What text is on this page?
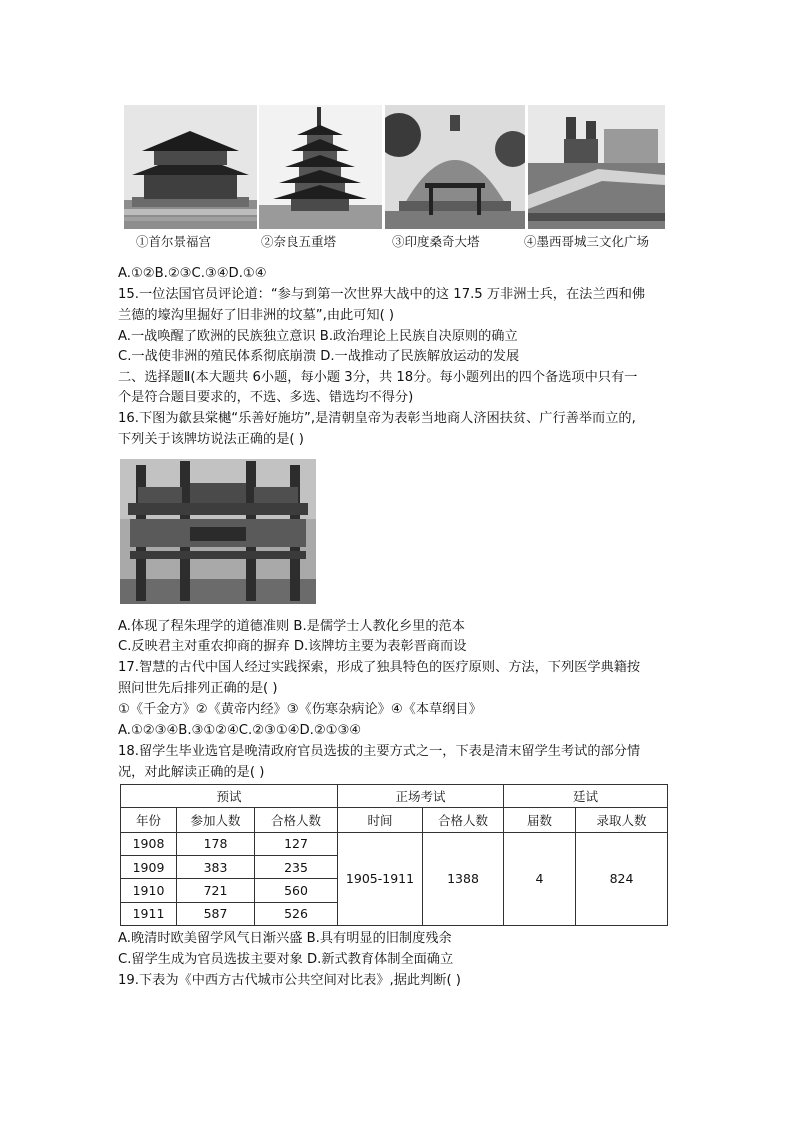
①首尔景福宫	②奈良五重塔	③印度桑奇大塔	④墨西哥城三文化广场
A.①②B.②③C.③④D.①④
15.一位法国官员评论道：“参与到第一次世界大战中的这 17.5 万非洲士兵，在法兰西和佛
兰德的壕沟里掘好了旧非洲的坟墓”,由此可知( )
A.一战唤醒了欧洲的民族独立意识 B.政治理论上民族自决原则的确立
C.一战使非洲的殖民体系彻底崩溃 D.一战推动了民族解放运动的发展
二、选择题Ⅱ(本大题共 6小题，每小题 3分，共 18分。每小题列出的四个备选项中只有一
个是符合题目要求的，不选、多选、错选均不得分)
16.下图为歙县棠樾“乐善好施坊”,是清朝皇帝为表彰当地商人济困扶贫、广行善举而立的,
下列关于该牌坊说法正确的是( )
A.体现了程朱理学的道德准则 B.是儒学士人教化乡里的范本
C.反映君主对重农抑商的摒弃 D.该牌坊主要为表彰晋商而设
17.智慧的古代中国人经过实践探索，形成了独具特色的医疗原则、方法，下列医学典籍按
照问世先后排列正确的是( )
①《千金方》②《黄帝内经》③《伤寒杂病论》④《本草纲目》
A.①②③④B.③①②④C.②③①④D.②①③④
18.留学生毕业选官是晚清政府官员选拔的主要方式之一，下表是清末留学生考试的部分情
况，对此解读正确的是( )
预试			正场考试		廷试	
年份	参加人数	合格人数	时间	合格人数	届数	录取人数
1908	178	127	1905-1911	1388	4	824
1909	383	235				
1910	721	560				
1911	587	526				
A.晚清时欧美留学风气日渐兴盛 B.具有明显的旧制度残余
C.留学生成为官员选拔主要对象 D.新式教育体制全面确立
19.下表为《中西方古代城市公共空间对比表》,据此判断( )
